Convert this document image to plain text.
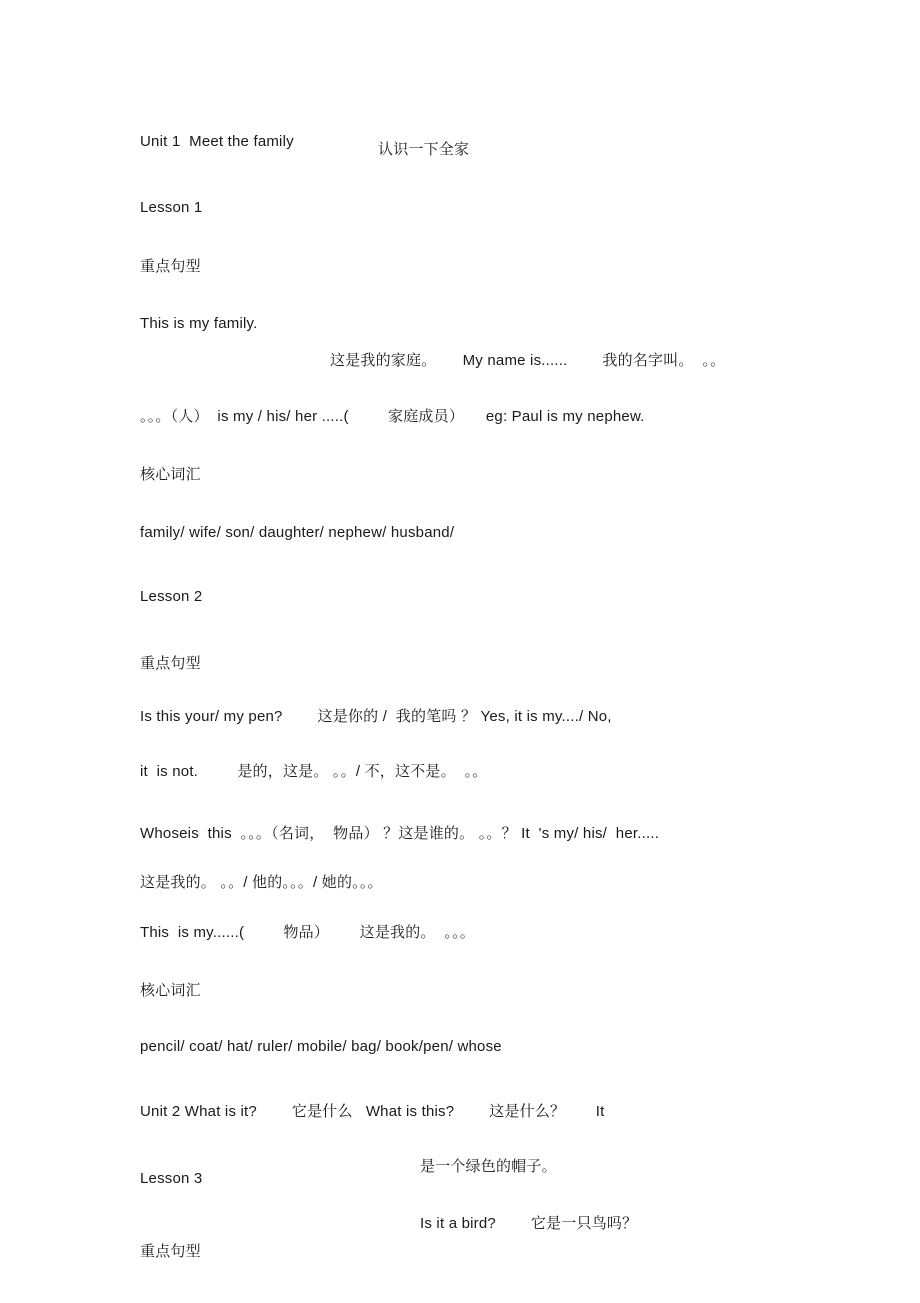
Unit 1  Meet the family	认识一下全家
Lesson 1
重点句型
This is my family.
这是我的家庭。      My name is......        我的名字叫。  。。
。。。（人）  is my / his/ her .....(         家庭成员）     eg: Paul is my nephew.
核心词汇
family/ wife/ son/ daughter/ nephew/ husband/
Lesson 2
重点句型
Is this your/ my pen?        这是你的 /  我的笔吗 ？ Yes, it is my..../ No,
it  is not.         是的，这是。 。。/ 不，这不是。  。。
Whoseis  this  。。。（名词，  物品） ？这是谁的。 。。？ It  's my/ his/  her.....
这是我的。 。。/ 他的。。。/ 她的。。。
This  is my......(         物品）       这是我的。  。。。
核心词汇
pencil/ coat/ hat/ ruler/ mobile/ bag/ book/pen/ whose
Unit 2 What is it?        它是什么   What is this?        这是什么？       It
Lesson 3
是一个绿色的帽子。
Is it a bird?        它是一只鸟吗？
重点句型
